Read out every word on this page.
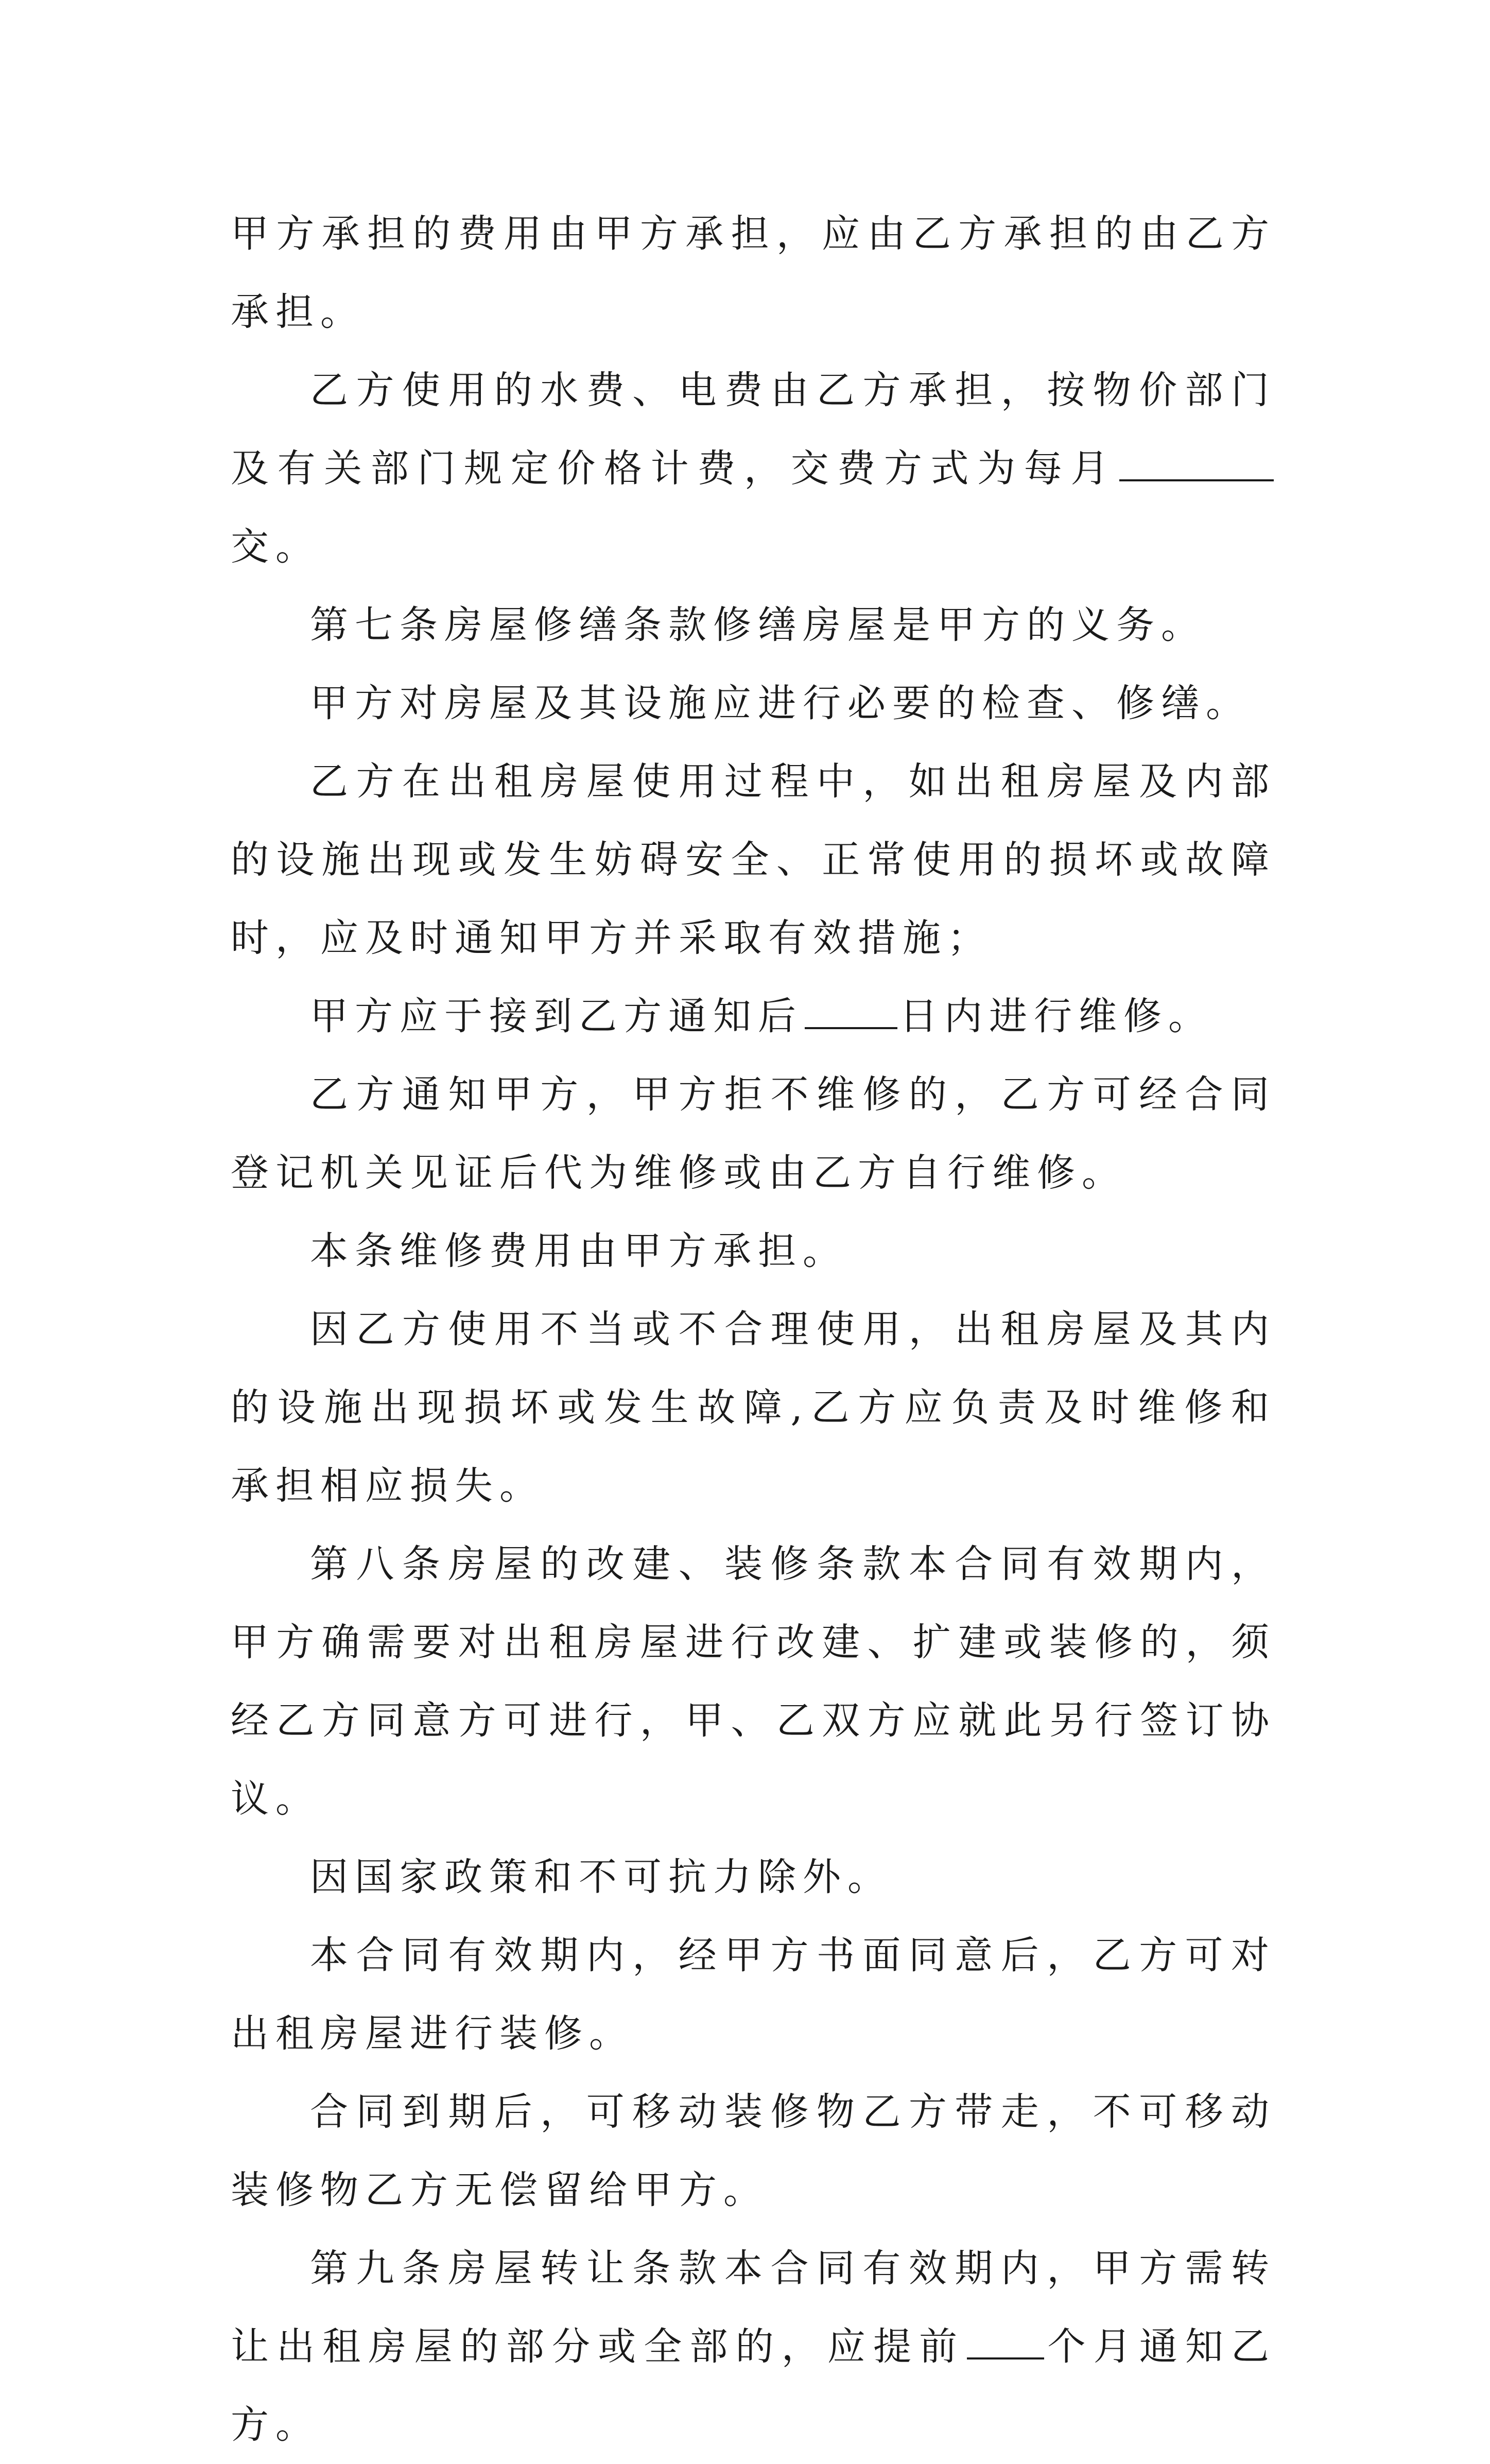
甲方承担的费用由甲方承担，应由乙方承担的由乙方承担。

乙方使用的水费、电费由乙方承担，按物价部门及有关部门规定价格计费，交费方式为每月交。

第七条房屋修缮条款修缮房屋是甲方的义务。

甲方对房屋及其设施应进行必要的检查、修缮。

乙方在出租房屋使用过程中，如出租房屋及内部的设施出现或发生妨碍安全、正常使用的损坏或故障时，应及时通知甲方并采取有效措施；

甲方应于接到乙方通知后	日内进行维修。

乙方通知甲方，甲方拒不维修的，乙方可经合同登记机关见证后代为维修或由乙方自行维修。

本条维修费用由甲方承担。

因乙方使用不当或不合理使用，出租房屋及其内的设施出现损坏或发生故障,乙方应负责及时维修和承担相应损失。

第八条房屋的改建、装修条款本合同有效期内，甲方确需要对出租房屋进行改建、扩建或装修的，须经乙方同意方可进行，甲、乙双方应就此另行签订协议。

因国家政策和不可抗力除外。

本合同有效期内，经甲方书面同意后，乙方可对出租房屋进行装修。

合同到期后，可移动装修物乙方带走，不可移动装修物乙方无偿留给甲方。

第九条房屋转让条款本合同有效期内，甲方需转让出租房屋的部分或全部的，应提前 个月通知乙方。
